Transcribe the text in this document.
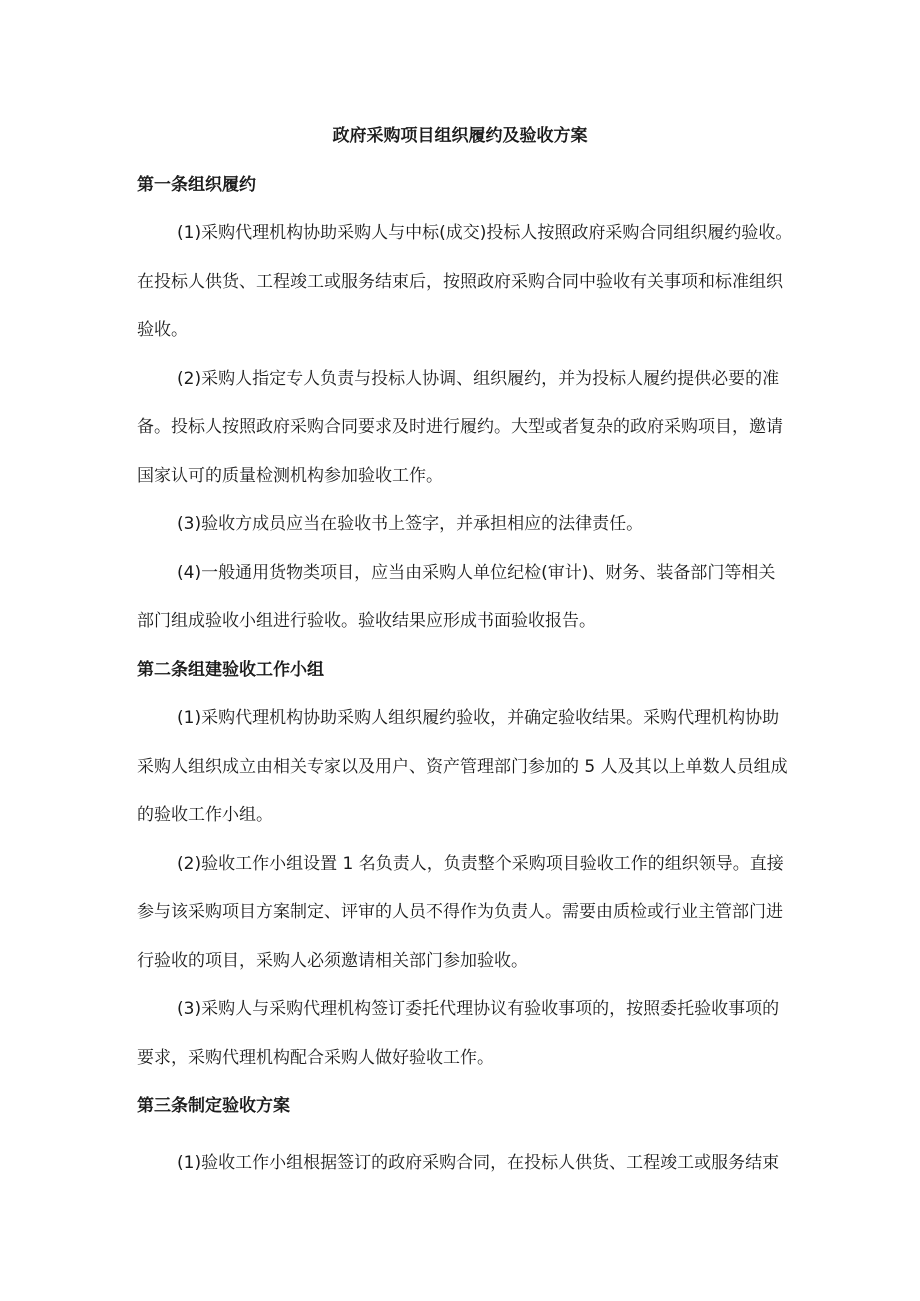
政府采购项目组织履约及验收方案
第一条组织履约

(1)采购代理机构协助采购人与中标(成交)投标人按照政府采购合同组织履约验收。

在投标人供货、工程竣工或服务结束后，按照政府采购合同中验收有关事项和标准组织

验收。

(2)采购人指定专人负责与投标人协调、组织履约，并为投标人履约提供必要的准

备。投标人按照政府采购合同要求及时进行履约。大型或者复杂的政府采购项目，邀请

国家认可的质量检测机构参加验收工作。

(3)验收方成员应当在验收书上签字，并承担相应的法律责任。

(4)一般通用货物类项目，应当由采购人单位纪检(审计)、财务、装备部门等相关

部门组成验收小组进行验收。验收结果应形成书面验收报告。

第二条组建验收工作小组

(1)采购代理机构协助采购人组织履约验收，并确定验收结果。采购代理机构协助

采购人组织成立由相关专家以及用户、资产管理部门参加的 5 人及其以上单数人员组成

的验收工作小组。

(2)验收工作小组设置 1 名负责人，负责整个采购项目验收工作的组织领导。直接

参与该采购项目方案制定、评审的人员不得作为负责人。需要由质检或行业主管部门进

行验收的项目，采购人必须邀请相关部门参加验收。

(3)采购人与采购代理机构签订委托代理协议有验收事项的，按照委托验收事项的

要求，采购代理机构配合采购人做好验收工作。

第三条制定验收方案

(1)验收工作小组根据签订的政府采购合同，在投标人供货、工程竣工或服务结束
